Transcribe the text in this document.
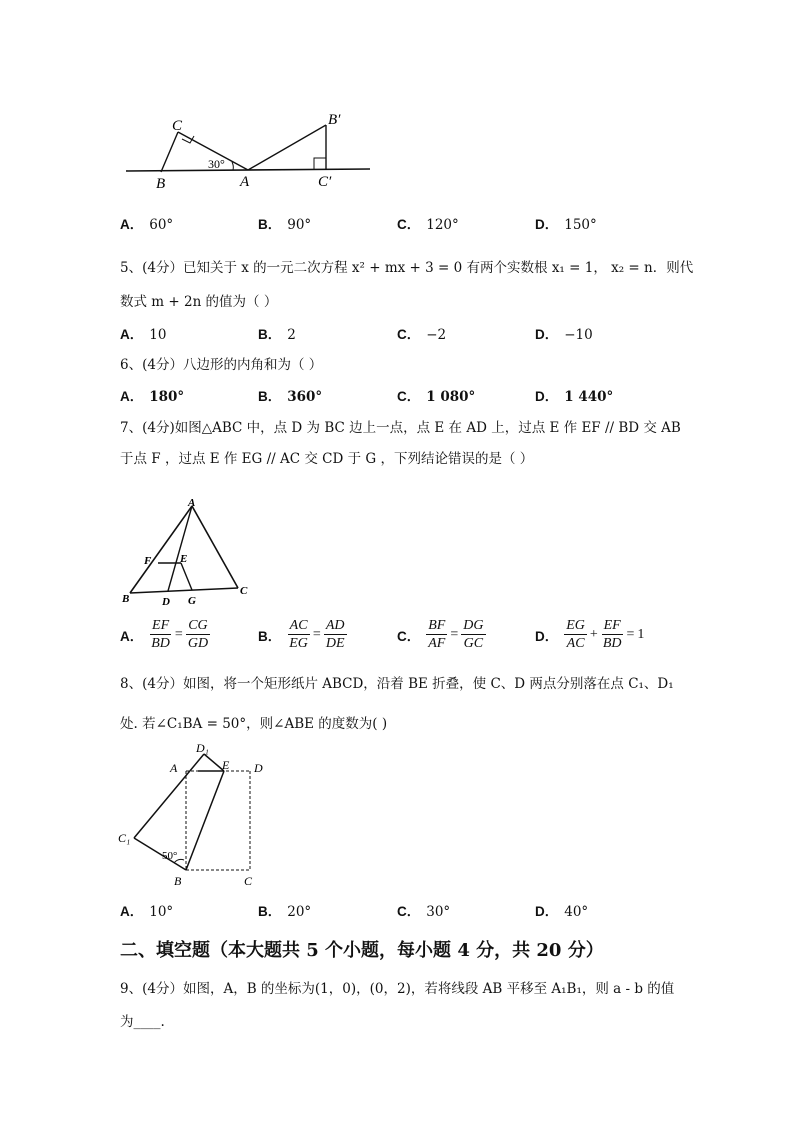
C
B	A
B′
C′
30°
A． 60°	B． 90°	C． 120°	D． 150°
5、(4分）已知关于 x 的一元二次方程 x² + mx + 3 = 0 有两个实数根 x₁ = 1， x₂ = n．则代
数式 m + 2n 的值为（ ）
A． 10	B． 2	C． −2	D． −10
6、(4分）八边形的内角和为（ ）
A． 180°	B． 360°	C． 1 080°	D． 1 440°
7、(4分)如图△ABC 中，点 D 为 BC 边上一点，点 E 在 AD 上，过点 E 作 EF // BD 交 AB
于点 F ，过点 E 作 EG // AC 交 CD 于 G ，下列结论错误的是（ ）
A
F	E
B	D G
C
A． $\frac{EF}{BD} = \frac{CG}{GD}$	B． $\frac{AC}{EG} = \frac{AD}{DE}$	C． $\frac{BF}{AF} = \frac{DG}{GC}$	D． $\frac{EG}{AC} + \frac{EF}{BD} = 1$
8、(4分）如图，将一个矩形纸片 ABCD，沿着 BE 折叠，使 C、D 两点分别落在点 C₁、D₁
处. 若∠C₁BA = 50°，则∠ABE 的度数为( )
D₁
A	E D
C₁
B	C
50°
A． 10°	B． 20°	C． 30°	D． 40°
二、填空题（本大题共 5 个小题，每小题 4 分，共 20 分）
9、(4分）如图，A，B 的坐标为(1，0)，(0，2)，若将线段 AB 平移至 A₁B₁，则 a - b 的值
为____.
